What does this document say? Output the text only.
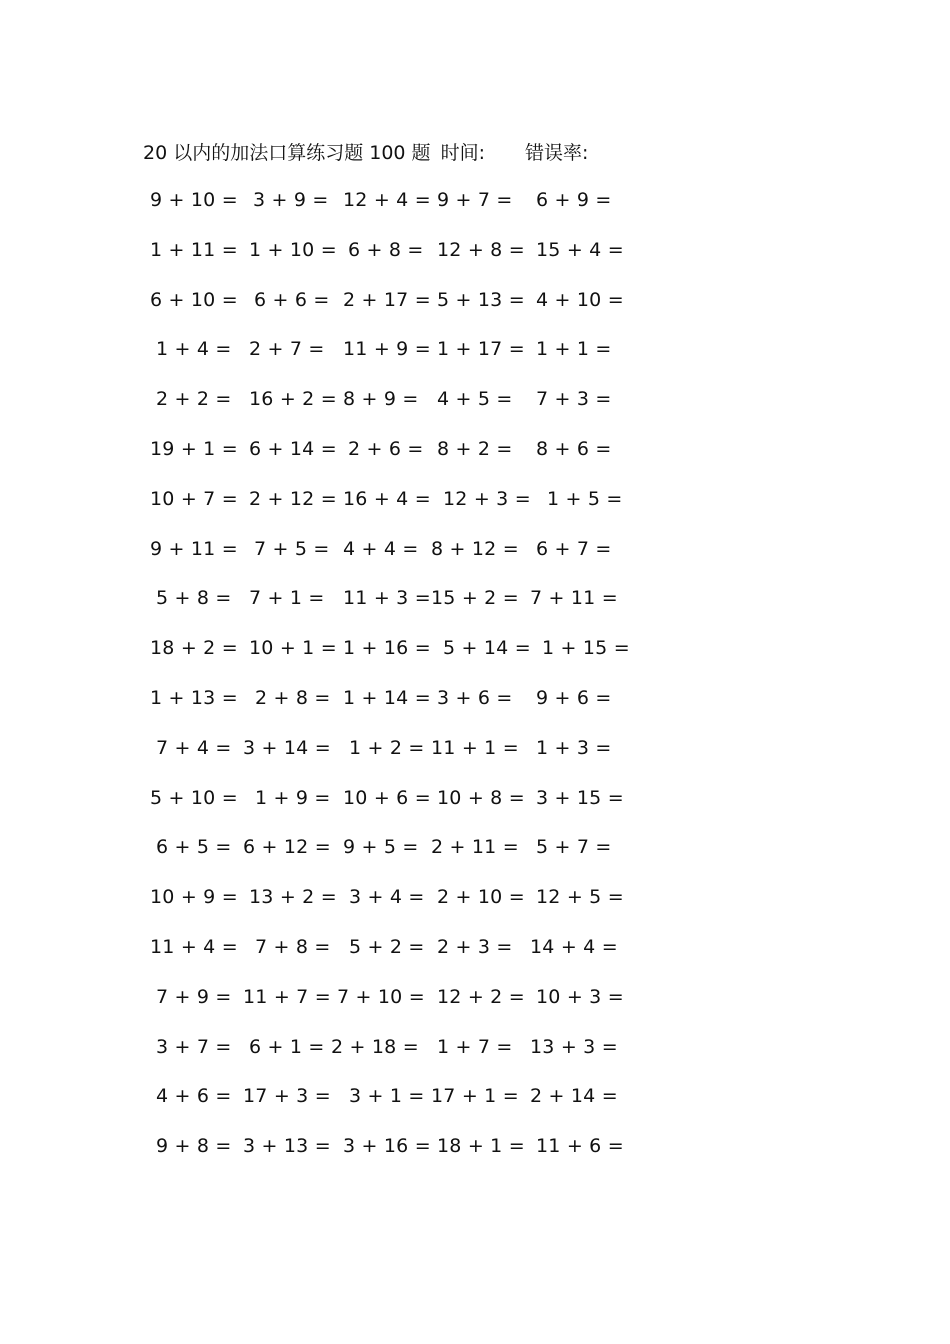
20 以内的加法口算练习题 100 题 时间: 错误率:
9 + 10 = 3 + 9 = 12 + 4 = 9 + 7 = 6 + 9 =
1 + 11 = 1 + 10 = 6 + 8 = 12 + 8 = 15 + 4 =
6 + 10 = 6 + 6 = 2 + 17 = 5 + 13 = 4 + 10 =
1 + 4 = 2 + 7 = 11 + 9 = 1 + 17 = 1 + 1 =
2 + 2 = 16 + 2 = 8 + 9 = 4 + 5 = 7 + 3 =
19 + 1 = 6 + 14 = 2 + 6 = 8 + 2 = 8 + 6 =
10 + 7 = 2 + 12 = 16 + 4 = 12 + 3 = 1 + 5 =
9 + 11 = 7 + 5 = 4 + 4 = 8 + 12 = 6 + 7 =
5 + 8 = 7 + 1 = 11 + 3 = 15 + 2 = 7 + 11 =
18 + 2 = 10 + 1 = 1 + 16 = 5 + 14 = 1 + 15 =
1 + 13 = 2 + 8 = 1 + 14 = 3 + 6 = 9 + 6 =
7 + 4 = 3 + 14 = 1 + 2 = 11 + 1 = 1 + 3 =
5 + 10 = 1 + 9 = 10 + 6 = 10 + 8 = 3 + 15 =
6 + 5 = 6 + 12 = 9 + 5 = 2 + 11 = 5 + 7 =
10 + 9 = 13 + 2 = 3 + 4 = 2 + 10 = 12 + 5 =
11 + 4 = 7 + 8 = 5 + 2 = 2 + 3 = 14 + 4 =
7 + 9 = 11 + 7 = 7 + 10 = 12 + 2 = 10 + 3 =
3 + 7 = 6 + 1 = 2 + 18 = 1 + 7 = 13 + 3 =
4 + 6 = 17 + 3 = 3 + 1 = 17 + 1 = 2 + 14 =
9 + 8 = 3 + 13 = 3 + 16 = 18 + 1 = 11 + 6 =
